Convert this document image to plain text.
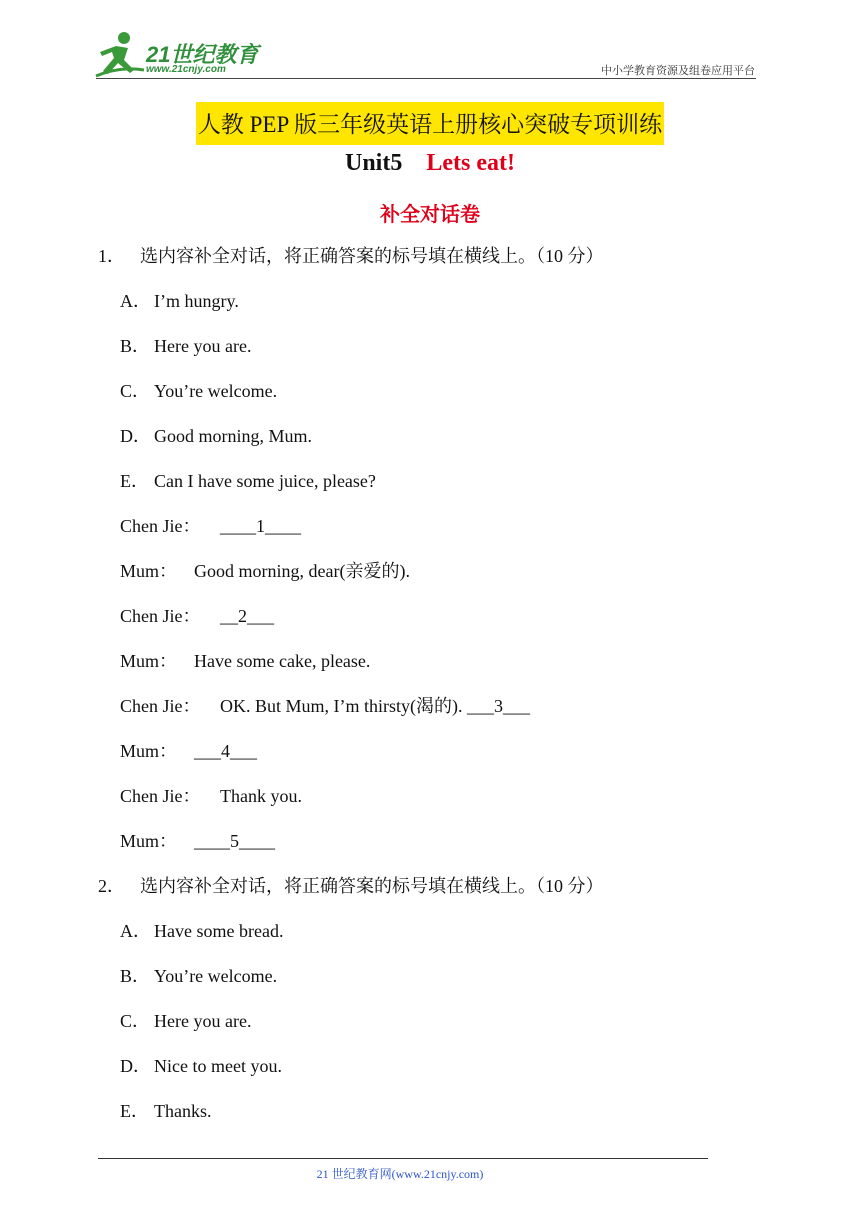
21世纪教育
www.21cnjy.com	中小学教育资源及组卷应用平台
人教 PEP 版三年级英语上册核心突破专项训练
Unit5 Lets eat!
补全对话卷
1． 选内容补全对话，将正确答案的标号填在横线上。（10 分）
A． I’m hungry.
B． Here you are.
C． You’re welcome.
D． Good morning, Mum.
E． Can I have some juice, please?
Chen Jie： ____1____
Mum： Good morning, dear(亲爱的).
Chen Jie： __2___
Mum： Have some cake, please.
Chen Jie： OK. But Mum, I’m thirsty(渴的). ___3___
Mum： ___4___
Chen Jie： Thank you.
Mum： ____5____
2． 选内容补全对话，将正确答案的标号填在横线上。（10 分）
A． Have some bread.
B． You’re welcome.
C． Here you are.
D． Nice to meet you.
E． Thanks.
21 世纪教育网(www.21cnjy.com)
